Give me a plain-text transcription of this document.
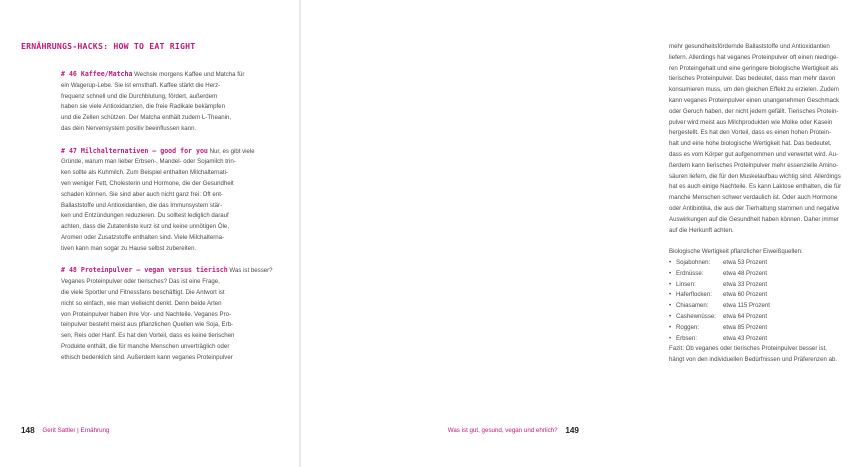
ERNÄHRUNGS-HACKS: HOW TO EAT RIGHT
# 46 Kaffee/Matcha Wechsle morgens Kaffee und Matcha für
ein Wagerup-Lebe. Sie ist ernsthaft. Kaffee stärkt die Herz-
frequenz schnell und die Durchblutung, fördert, außerdem
haben sie viele Antioxidanzien, die freie Radikale bekämpfen
und die Zellen schützen. Der Matcha enthält zudem L-Theanin,
das dein Nervensystem positiv beeinflussen kann.
# 47 Milchalternativen – good for you Nur, es gibt viele
Gründe, warum man lieber Erbsen-, Mandel- oder Sojamilch trin-
ken sollte als Kuhmilch. Zum Beispiel enthalten Milchalternati-
ven weniger Fett, Cholesterin und Hormone, die der Gesundheit
schaden können. Sie sind aber auch nicht ganz frei: Oft ent-
Ballaststoffe und Antioxidantien, die das Immunsystem stär-
ken und Entzündungen reduzieren. Du solltest lediglich darauf
achten, dass die Zutatenliste kurz ist und keine unnötigen Öle,
Aromen oder Zusatzstoffe enthalten sind. Viele Milchalterna-
tiven kann man sogar zu Hause selbst zubereiten.
# 48 Proteinpulver – vegan versus tierisch Was ist besser?
Veganes Proteinpulver oder tierisches? Das ist eine Frage,
die viele Sportler und Fitnessfans beschäftigt. Die Antwort ist
nicht so einfach, wie man vielleicht denkt. Denn beide Arten
von Proteinpulver haben ihre Vor- und Nachteile. Veganes Pro-
teinpulver besteht meist aus pflanzlichen Quellen wie Soja, Erb-
sen, Reis oder Hanf. Es hat den Vorteil, dass es keine tierischen
Produkte enthält, die für manche Menschen unverträglich oder
ethisch bedenklich sind. Außerdem kann veganes Proteinpulver
148 Gerit Sattler | Ernährung
mehr gesundheitsfördernde Ballaststoffe und Antioxidantien
liefern. Allerdings hat veganes Proteinpulver oft einen niedrige-
ren Proteingehalt und eine geringere biologische Wertigkeit als
tierisches Proteinpulver. Das bedeutet, dass man mehr davon
konsumieren muss, um den gleichen Effekt zu erzielen. Zudem
kann veganes Proteinpulver einen unangenehmen Geschmack
oder Geruch haben, der nicht jedem gefällt. Tierisches Protein-
pulver wird meist aus Milchprodukten wie Molke oder Kasein
hergestellt. Es hat den Vorteil, dass es einen hohen Protein-
halt und eine hohe biologische Wertigkeit hat. Das bedeutet,
dass es vom Körper gut aufgenommen und verwertet wird. Au-
ßerdem kann tierisches Proteinpulver mehr essenzielle Amino-
säuren liefern, die für den Muskelaufbau wichtig sind. Allerdings
hat es auch einige Nachteile. Es kann Laktose enthalten, die für
manche Menschen schwer verdaulich ist. Oder auch Hormone
oder Antibiotika, die aus der Tierhaltung stammen und negative
Auswirkungen auf die Gesundheit haben können. Daher immer
auf die Herkunft achten.
Biologische Wertigkeit pflanzlicher Eiweißquellen:
• Sojabohnen:	etwa 53 Prozent
• Erdnüsse:	etwa 48 Prozent
• Linsen:	etwa 33 Prozent
• Haferflocken:	etwa 60 Prozent
• Chiasamen:	etwa 115 Prozent
• Cashewnüsse:	etwa 64 Prozent
• Roggen:	etwa 85 Prozent
• Erbsen:	etwa 43 Prozent
Fazit: Ob veganes oder tierisches Proteinpulver besser ist,
hängt von den individuellen Bedürfnissen und Präferenzen ab.
Was ist gut, gesund, vegan und ehrlich? 149
